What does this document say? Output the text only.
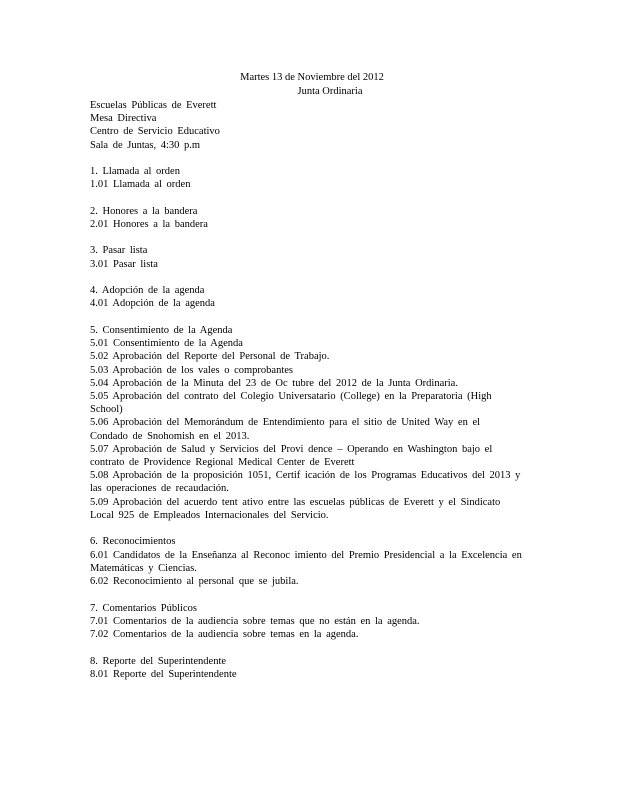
Martes 13 de Noviembre del 2012
Junta Ordinaria
Escuelas Públicas de Everett
Mesa Directiva
Centro de Servicio Educativo
Sala de Juntas, 4:30 p.m
1. Llamada al orden
1.01 Llamada al orden
2. Honores a la bandera
2.01 Honores a la bandera
3. Pasar lista
3.01 Pasar lista
4. Adopción de la agenda
4.01 Adopción de la agenda
5. Consentimiento de la Agenda
5.01 Consentimiento de la Agenda
5.02 Aprobación del Reporte del Personal de Trabajo.
5.03 Aprobación de los vales o comprobantes
5.04 Aprobación de la Minuta del 23 de Oc tubre del 2012 de la Junta Ordinaria.
5.05 Aprobación del contrato del Colegio Universatario (College) en la Preparatoria (High School)
5.06 Aprobación del Memorándum de Entendimiento para el sitio de United Way en el Condado de Snohomish en el 2013.
5.07 Aprobación de Salud y Servicios del Provi dence – Operando en Washington bajo el contrato de Providence Regional Medical Center de Everett
5.08 Aprobación de la proposición 1051, Certif icación de los Programas Educativos del 2013 y las operaciones de recaudación.
5.09 Aprobación del acuerdo tent ativo entre las escuelas públicas de Everett y el Sindicato Local 925 de Empleados Internacionales del Servicio.
6. Reconocimientos
6.01 Candidatos de la Enseñanza al Reconoc imiento del Premio Presidencial a la Excelencia en Matemáticas y Ciencias.
6.02 Reconocimiento al personal que se jubila.
7. Comentarios Públicos
7.01 Comentarios de la audiencia sobre temas que no están en la agenda.
7.02 Comentarios de la audiencia sobre temas en la agenda.
8. Reporte del Superintendente
8.01 Reporte del Superintendente
